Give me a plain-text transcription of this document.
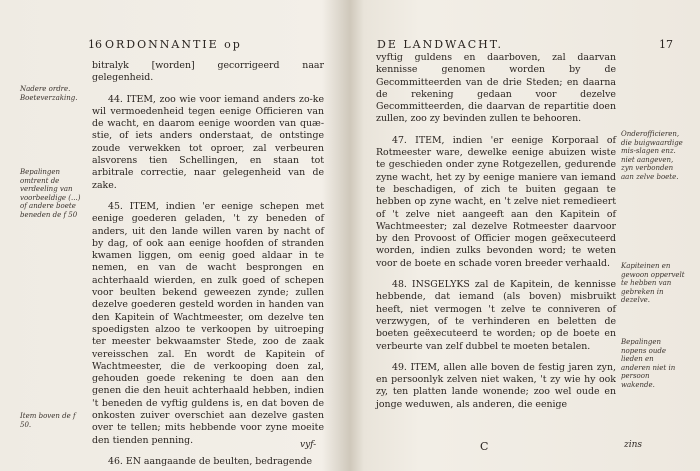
16 ORDONNANTIE op

bitralyk [worden] gecorrigeerd naar gelegenheid.

44. ITEM, zoo wie voor iemand anders zo-ke wil vermoedenheid tegen eenige Officieren van de wacht, en daarom eenige woorden van quæ-stie, of iets anders onderstaat, de ontstinge zoude verwekken tot oproer, zal verbeuren alsvorens tien Schellingen, en staan tot arbitrale correctie, naar gelegenheid van de zake.

45. ITEM, indien 'er eenige schepen met eenige goederen geladen, 't zy beneden of anders, uit den lande willen varen by nacht of by dag, of ook aan eenige hoofden of stranden kwamen liggen, om eenig goed aldaar in te nemen, en van de wacht besprongen en achterhaald wierden, en zulk goed of schepen voor beulten bekend geweezen zynde; zullen dezelve goederen gesteld worden in handen van den Kapitein of Wachtmeester, om dezelve ten spoedigsten alzoo te verkoopen by uitroeping ter meester bekwaamster Stede, zoo de zaak vereisschen zal. En wordt de Kapitein of Wachtmeester, die de verkooping doen zal, gehouden goede rekening te doen aan den genen die den heuit achterhaald hebben, indien 't beneden de vyftig guldens is, en dat boven de onkosten zuiver overschiet aan dezelve gasten over te tellen; mits hebbende voor zyne moeite den tienden penning.

46. EN aangaande de beulten, bedragende

Nadere ordre. Boeteverzaking.
Bepalingen omtrent de verdeeling van voorbeeldige (...) of andere boete beneden de f 50
Item boven de f 50.
vyf-
DE LANDWACHT.	17

vyftig guldens en daarboven, zal daarvan kennisse genomen worden by de Gecommitteerden van de drie Steden; en daarna de rekening gedaan voor dezelve Gecommitteerden, die daarvan de repartitie doen zullen, zoo zy bevinden zullen te behooren.

47. ITEM, indien 'er eenige Korporaal of Rotmeester ware, dewelke eenige abuizen wiste te geschieden onder zyne Rotgezellen, gedurende zyne wacht, het zy by eenige maniere van iemand te beschadigen, of zich te buiten gegaan te hebben op zyne wacht, en 't zelve niet remedieert of 't zelve niet aangeeft aan den Kapitein of Wachtmeester; zal dezelve Rotmeester daarvoor by den Provoost of Officier mogen geëxecuteerd worden, indien zulks bevonden word; te weten voor de boete en schade voren breeder verhaald.

48. INSGELYKS zal de Kapitein, de kennisse hebbende, dat iemand (als boven) misbruikt heeft, niet vermogen 't zelve te conniveren of verzwygen, of te verhinderen en beletten de boeten geëxecuteerd te worden; op de boete en verbeurte van zelf dubbel te moeten betalen.

49. ITEM, allen alle boven de festig jaren zyn, en persoonlyk zelven niet waken, 't zy wie hy ook zy, ten platten lande wonende; zoo wel oude en jonge weduwen, als anderen, die eenige

Onderofficieren, die buigwaardige mis-slagen enz. niet aangeven, zyn verbonden aan zelve boete.
Kapiteinen en gewoon oppervelt te hebben van gebreken in dezelve.
Bepalingen nopens oude lieden en anderen niet in persoon wakende.
C	zins
